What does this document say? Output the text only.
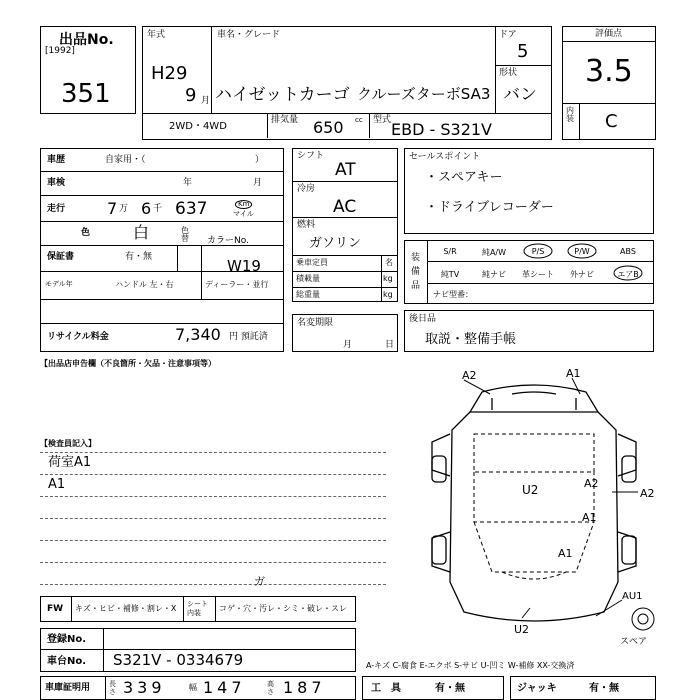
出品No.
[1992]
351
年式
H29
9 月
車名・グレード
ハイゼットカーゴ クルーズターボSA3
ドア
5
形状
バン
2WD・4WD
排気量 650 cc 型式 EBD - S321V
評価点
3.5
内装 C
車歴	自家用・（	）
車検	年	月
走行	7 万 6 千 637	Km
マイル
色	白	色替 カラーNo.
保証書	有・無	W19
モデル年	ハンドル 左・右	ディーラー・並行
リサイクル料金	7,340 円 預託済
シフト
AT
冷房
AC
燃料
ガソリン
乗車定員	名
積載量	kg
総重量	kg
名変期限
月	日
セールスポイント
・スペアキー
・ドライブレコーダー
装備品
S/R	純A/W	P/S	P/W	ABS
純TV	純ナビ	革シート	外ナビ	エアB
ナビ型番：
後日品
取説・整備手帳
【出品店申告欄（不良箇所・欠品・注意事項等）
【検査員記入】
荷室A1
A1
A2	A1
U2	A2
A1
A1
A2
AU1
U2
スペア
FW キズ・ヒビ・補修・割レ・X シート内装	コゲ・穴・汚レ・シミ・破レ・スレ
ガ
登録No.
車台No. S321V - 0334679	A-キズ C-腐食 E-エクボ S-サビ U-凹ミ W-補修 XX-交換済
車庫証明用	長さ 339	幅 147	高さ 187	工　具	有・無	ジャッキ	有・無
